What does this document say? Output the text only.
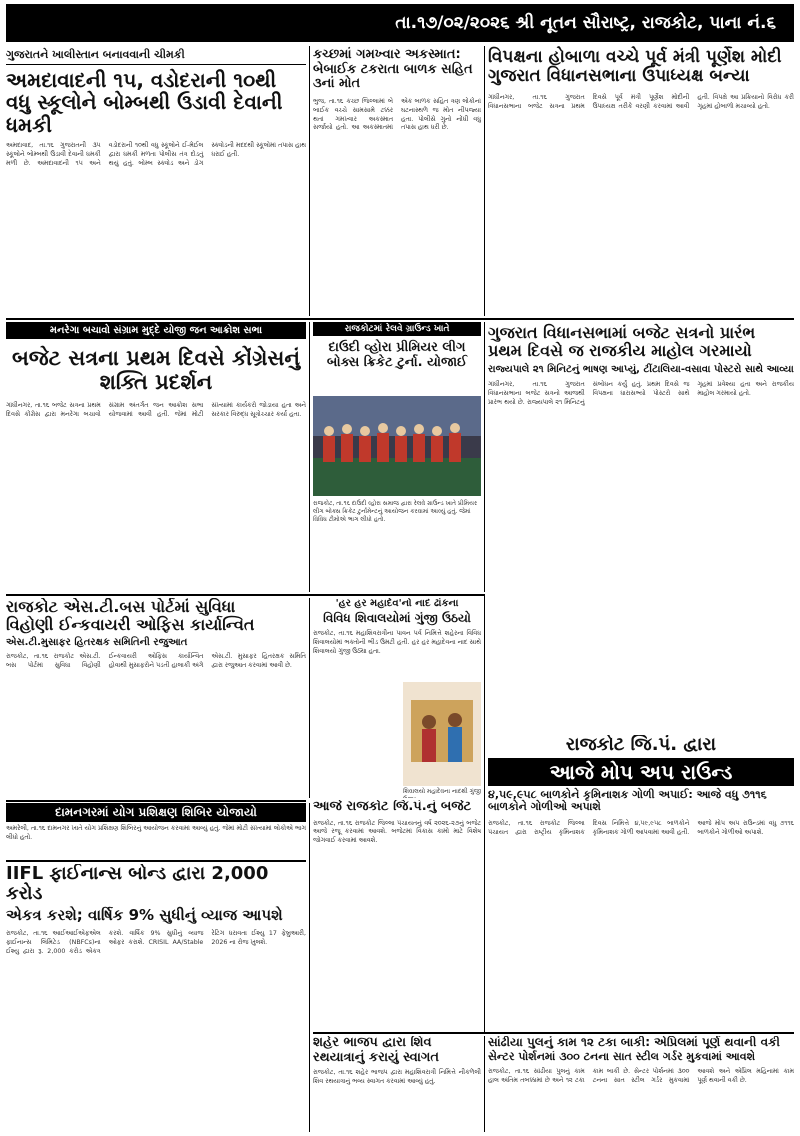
તા.૧૭/૦૨/૨૦૨૬ શ્રી નૂતન સૌરાષ્ટ્ર, રાજકોટ, પાના નં.૬
ગુજરાતને ખાલીસ્તાન બનાવવાની ચીમકી
અમદાવાદની ૧૫, વડોદરાની ૧૦થી વધુ સ્કૂલોને બોમ્બથી ઉડાવી દેવાની ધમકી
અમદાવાદ, તા.૧૬ ગુજરાતની ૩૫ સ્કૂલોને બોમ્બથી ઉડાવી દેવાની ધમકી મળી છે. અમદાવાદની ૧૫ અને વડોદરાની ૧૦થી વધુ સ્કૂલોને ઈ-મેઈલ દ્વારા ધમકી મળતા પોલીસ તંત્ર દોડતું થયું હતું. બોમ્બ સ્ક્વોડ અને ડોગ સ્ક્વોડની મદદથી સ્કૂલોમાં તપાસ હાથ ધરાઈ હતી.
કચ્છમાં ગમખ્વાર અકસ્માત: બેબાઈક ટકરાતા બાળક સહિત ૩નાં મોત
ભુજ, તા.૧૬ કચ્છ જિલ્લામાં બે બાઈક વચ્ચે સામસામે ટક્કર થતાં ગમખ્વાર અકસ્માત સર્જાયો હતો. આ અકસ્માતમાં એક બાળક સહિત ત્રણ લોકોનાં ઘટનાસ્થળે જ મોત નીપજ્યા હતા. પોલીસે ગુનો નોંધી વધુ તપાસ હાથ ધરી છે.
વિપક્ષના હોબાળા વચ્ચે પૂર્વ મંત્રી પૂર્ણેશ મોદી ગુજરાત વિધાનસભાના ઉપાધ્યક્ષ બન્યા
ગાંધીનગર, તા.૧૬ ગુજરાત વિધાનસભાના બજેટ સત્રના પ્રથમ દિવસે પૂર્વ મંત્રી પૂર્ણેશ મોદીની ઉપાધ્યક્ષ તરીકે વરણી કરવામાં આવી હતી. વિપક્ષે આ પ્રક્રિયાનો વિરોધ કરી ગૃહમાં હોબાળો મચાવ્યો હતો.
મનરેગા બચાવો સંગ્રામ મુદ્દે યોજી જન આક્રોશ સભા
બજેટ સત્રના પ્રથમ દિવસે કોંગ્રેસનું શક્તિ પ્રદર્શન
ગાંધીનગર, તા.૧૬ બજેટ સત્રના પ્રથમ દિવસે કોંગ્રેસ દ્વારા મનરેગા બચાવો સંગ્રામ અંતર્ગત જન આક્રોશ સભા યોજવામાં આવી હતી. જેમાં મોટી સંખ્યામાં કાર્યકરો જોડાયા હતા અને સરકાર વિરુદ્ધ સૂત્રોચ્ચાર કર્યા હતા.
રાજકોટમાં રેલવે ગ્રાઉન્ડ ખાતે
દાઉદી વ્હોરા પ્રીમિયર લીગ બોક્સ ક્રિકેટ ટુર્ના. યોજાઈ
રાજકોટ, તા.૧૬ દાઉદી વ્હોરા સમાજ દ્વારા રેલવે ગ્રાઉન્ડ ખાતે પ્રીમિયર લીગ બોક્સ ક્રિકેટ ટુર્નામેન્ટનું આયોજન કરવામાં આવ્યું હતું. જેમાં વિવિધ ટીમોએ ભાગ લીધો હતો.
ગુજરાત વિધાનસભામાં બજેટ સત્રનો પ્રારંભ પ્રથમ દિવસે જ રાજકીય માહોલ ગરમાયો
રાજ્યપાલે ૨૧ મિનિટનું ભાષણ આપ્યું, ટીંટાલિયા-વસાવા પોસ્ટરો સાથે આવ્યા
ગાંધીનગર, તા.૧૬ ગુજરાત વિધાનસભાના બજેટ સત્રનો આજથી પ્રારંભ થયો છે. રાજ્યપાલે ૨૧ મિનિટનું સંબોધન કર્યું હતું. પ્રથમ દિવસે જ વિપક્ષના ધારાસભ્યો પોસ્ટરો સાથે ગૃહમાં પ્રવેશ્યા હતા અને રાજકીય માહોલ ગરમાયો હતો.
રાજકોટ એસ.ટી.બસ પોર્ટમાં સુવિધા
વિહોણી ઈન્કવાયરી ઓફિસ કાર્યાન્વિત
એસ.ટી.મુસાફર હિતરક્ષક સમિતિની રજુઆત
રાજકોટ, તા.૧૬ રાજકોટ એસ.ટી. બસ પોર્ટમાં સુવિધા વિહોણી ઈન્કવાયરી ઓફિસ કાર્યાન્વિત હોવાથી મુસાફરોને પડતી હાલાકી અંગે એસ.ટી. મુસાફર હિતરક્ષક સમિતિ દ્વારા રજુઆત કરવામાં આવી છે.
'હર હર મહાદેવ'નો નાદ ઢાંકના
વિવિધ શિવાલયોમાં ગુંજી ઉઠયો
રાજકોટ, તા.૧૬ મહાશિવરાત્રીના પાવન પર્વ નિમિત્તે શહેરના વિવિધ શિવાલયોમાં ભક્તોની ભીડ ઉમટી હતી. હર હર મહાદેવના નાદ સાથે શિવાલયો ગુંજી ઉઠ્યા હતા.
શિવાલયો મહાદેવના નાદથી ગુંજી
દામનગરમાં યોગ પ્રશિક્ષણ શિબિર યોજાયો
અમરેલી, તા.૧૬ દામનગર ખાતે યોગ પ્રશિક્ષણ શિબિરનું આયોજન કરવામાં આવ્યું હતું. જેમાં મોટી સંખ્યામાં લોકોએ ભાગ લીધો હતો.
IIFL ફાઈનાન્સ બોન્ડ દ્વારા 2,000 કરોડ
એકત્ર કરશે; વાર્ષિક 9% સુધીનું વ્યાજ આપશે
રાજકોટ, તા.૧૬ આઈઆઈએફએલ ફાઈનાન્સ લિમિટેડ (NBFCs)ના ઈશ્યુ દ્વારા રૂ. 2,000 કરોડ એકત્ર કરશે. વાર્ષિક 9% સુધીનું વ્યાજ ઓફર કરાશે. CRISIL AA/Stable રેટિંગ ધરાવતા ઈશ્યુ 17 ફેબ્રુઆરી, 2026 ના રોજ ખુલશે.
આજે રાજકોટ જિ.પં.નું બજેટ
રાજકોટ, તા.૧૬ રાજકોટ જિલ્લા પંચાયતનું વર્ષ ૨૦૨૬-૨૭નું બજેટ આજે રજૂ કરવામાં આવશે. બજેટમાં વિકાસ કામો માટે વિશેષ જોગવાઈ કરવામાં આવશે.
રાજકોટ જિ.પં. દ્વારા
આજે મોપ અપ રાઉન્ડ
૪,૫૯,૯૫૮ બાળકોને કૃમિનાશક ગોળી અપાઈ: આજે વધુ ૭૧૧૬ બાળકોને ગોળીઓ અપાશે
રાજકોટ, તા.૧૬ રાજકોટ જિલ્લા પંચાયત દ્વારા રાષ્ટ્રીય કૃમિનાશક દિવસ નિમિત્તે ૪,૫૯,૯૫૮ બાળકોને કૃમિનાશક ગોળી આપવામાં આવી હતી. આજે મોપ અપ રાઉન્ડમાં વધુ ૭૧૧૬ બાળકોને ગોળીઓ અપાશે.
શહેર ભાજપ દ્વારા શિવ રથયાત્રાનું કરાયું સ્વાગત
રાજકોટ, તા.૧૬ શહેર ભાજપ દ્વારા મહાશિવરાત્રી નિમિત્તે નીકળેલી શિવ રથયાત્રાનું ભવ્ય સ્વાગત કરવામાં આવ્યું હતું.
સાંઢીયા પુલનું કામ ૧૨ ટકા બાકી: એપ્રિલમાં પૂર્ણ થવાની વકી
સેન્ટર પોર્શનમાં ૩૦૦ ટનના સાત સ્ટીલ ગર્ડર મુકવામાં આવશે
રાજકોટ, તા.૧૬ સાંઢીયા પુલનું કામ હાલ અંતિમ તબક્કામાં છે અને ૧૨ ટકા કામ બાકી છે. સેન્ટર પોર્શનમાં ૩૦૦ ટનના સાત સ્ટીલ ગર્ડર મુકવામાં આવશે અને એપ્રિલ મહિનામાં કામ પૂર્ણ થવાની વકી છે.
